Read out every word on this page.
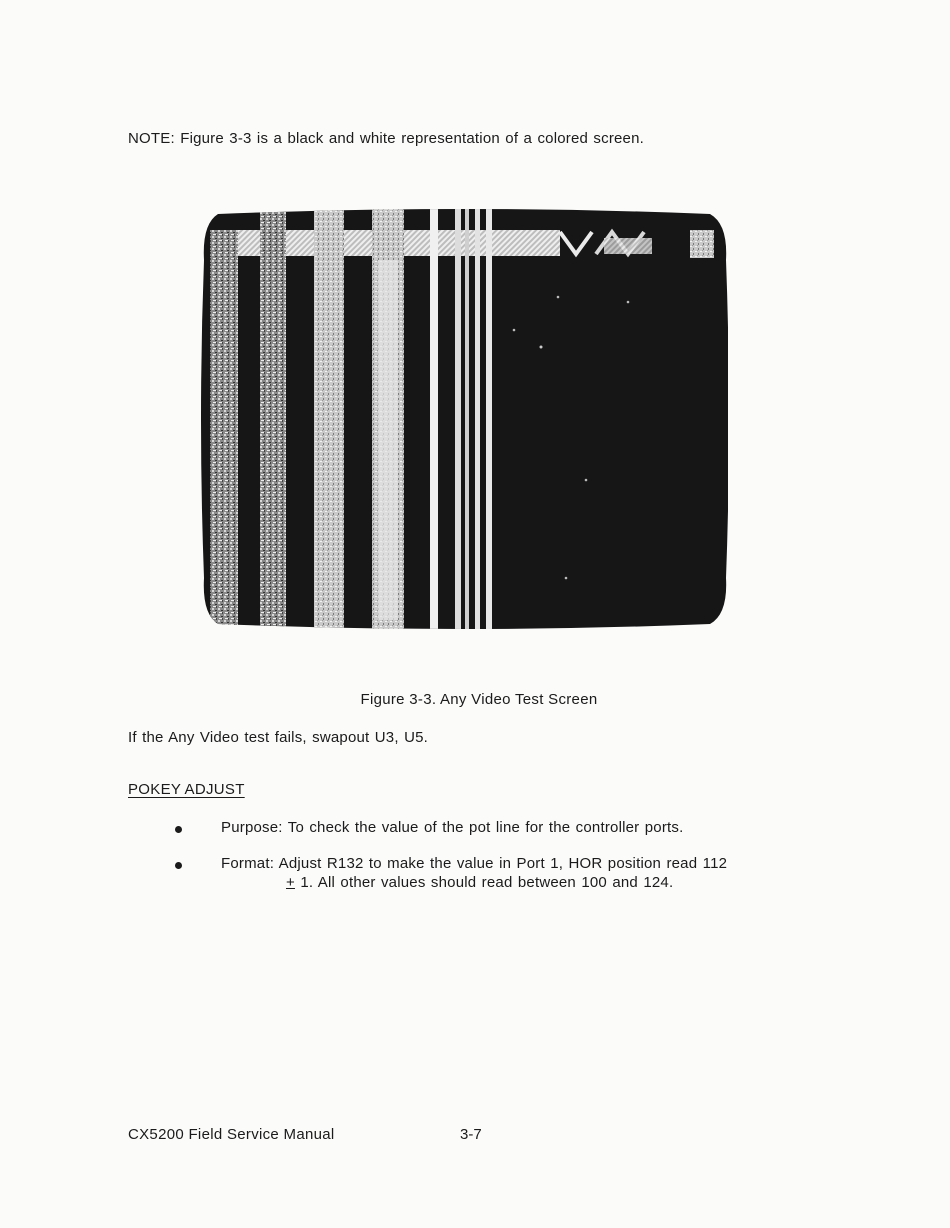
NOTE: Figure 3-3 is a black and white representation of a colored screen.
Figure 3-3. Any Video Test Screen
If the Any Video test fails, swapout U3, U5.
POKEY ADJUST
Purpose: To check the value of the pot line for the controller ports.
Format: Adjust R132 to make the value in Port 1, HOR position read 112
+ 1. All other values should read between 100 and 124.
CX5200 Field Service Manual	3-7
